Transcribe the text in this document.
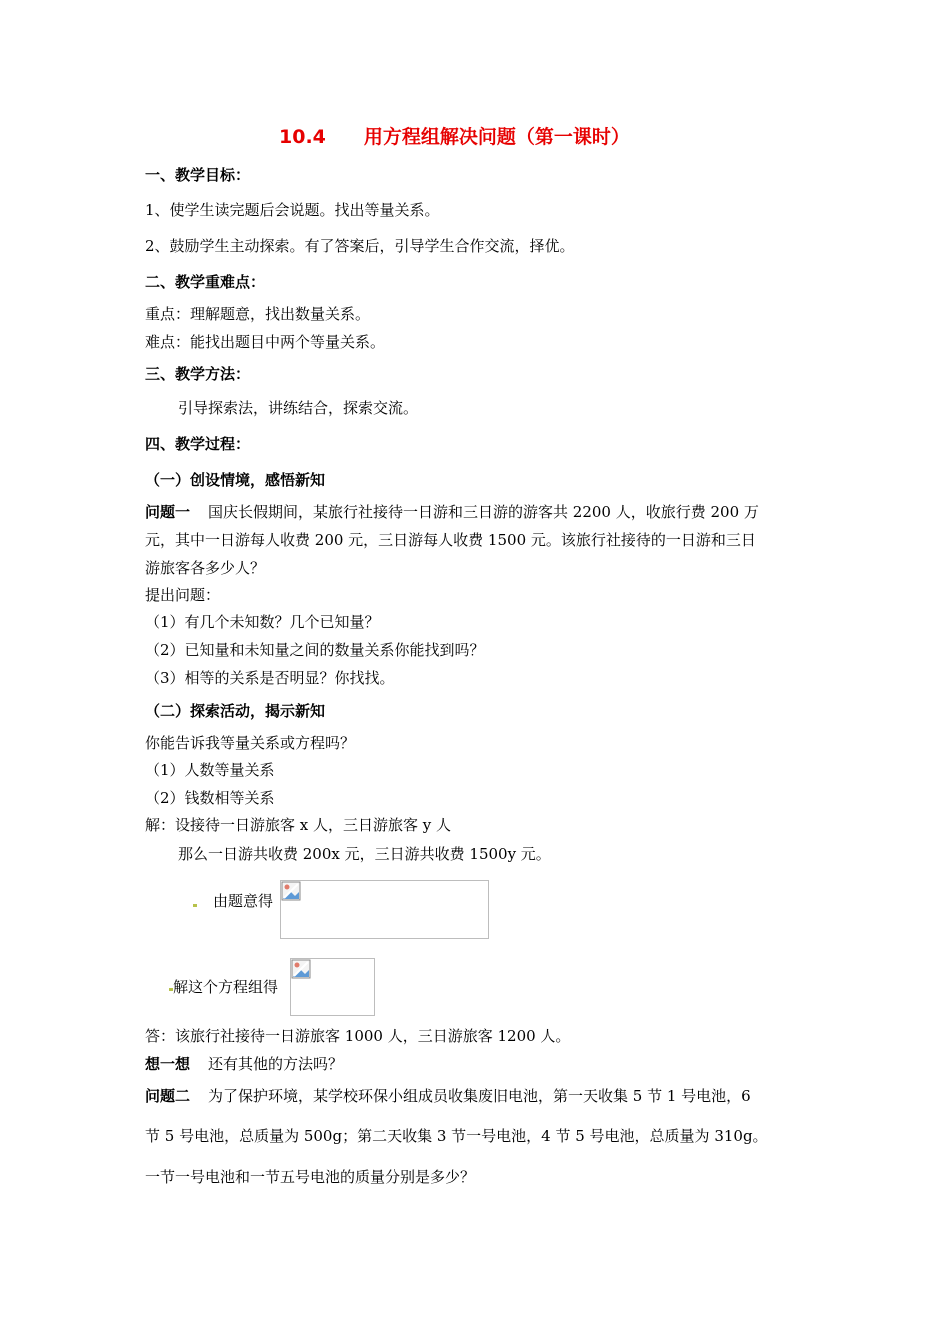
10.4　　用方程组解决问题（第一课时）
一、教学目标：
1、使学生读完题后会说题。找出等量关系。
2、鼓励学生主动探索。有了答案后，引导学生合作交流，择优。
二、教学重难点：
重点：理解题意，找出数量关系。
难点：能找出题目中两个等量关系。
三、教学方法：
引导探索法，讲练结合，探索交流。
四、教学过程：
（一）创设情境，感悟新知
问题一 国庆长假期间，某旅行社接待一日游和三日游的游客共 2200 人，收旅行费 200 万
元，其中一日游每人收费 200 元，三日游每人收费 1500 元。该旅行社接待的一日游和三日
游旅客各多少人？
提出问题：
（1）有几个未知数？几个已知量？
（2）已知量和未知量之间的数量关系你能找到吗？
（3）相等的关系是否明显？你找找。
（二）探索活动，揭示新知
你能告诉我等量关系或方程吗？
（1）人数等量关系
（2）钱数相等关系
解：设接待一日游旅客 x 人，三日游旅客 y 人
那么一日游共收费 200x 元，三日游共收费 1500y 元。
由题意得
解这个方程组得
答：该旅行社接待一日游旅客 1000 人，三日游旅客 1200 人。
想一想 还有其他的方法吗？
问题二 为了保护环境，某学校环保小组成员收集废旧电池，第一天收集 5 节 1 号电池，6
节 5 号电池，总质量为 500g；第二天收集 3 节一号电池，4 节 5 号电池，总质量为 310g。
一节一号电池和一节五号电池的质量分别是多少？
